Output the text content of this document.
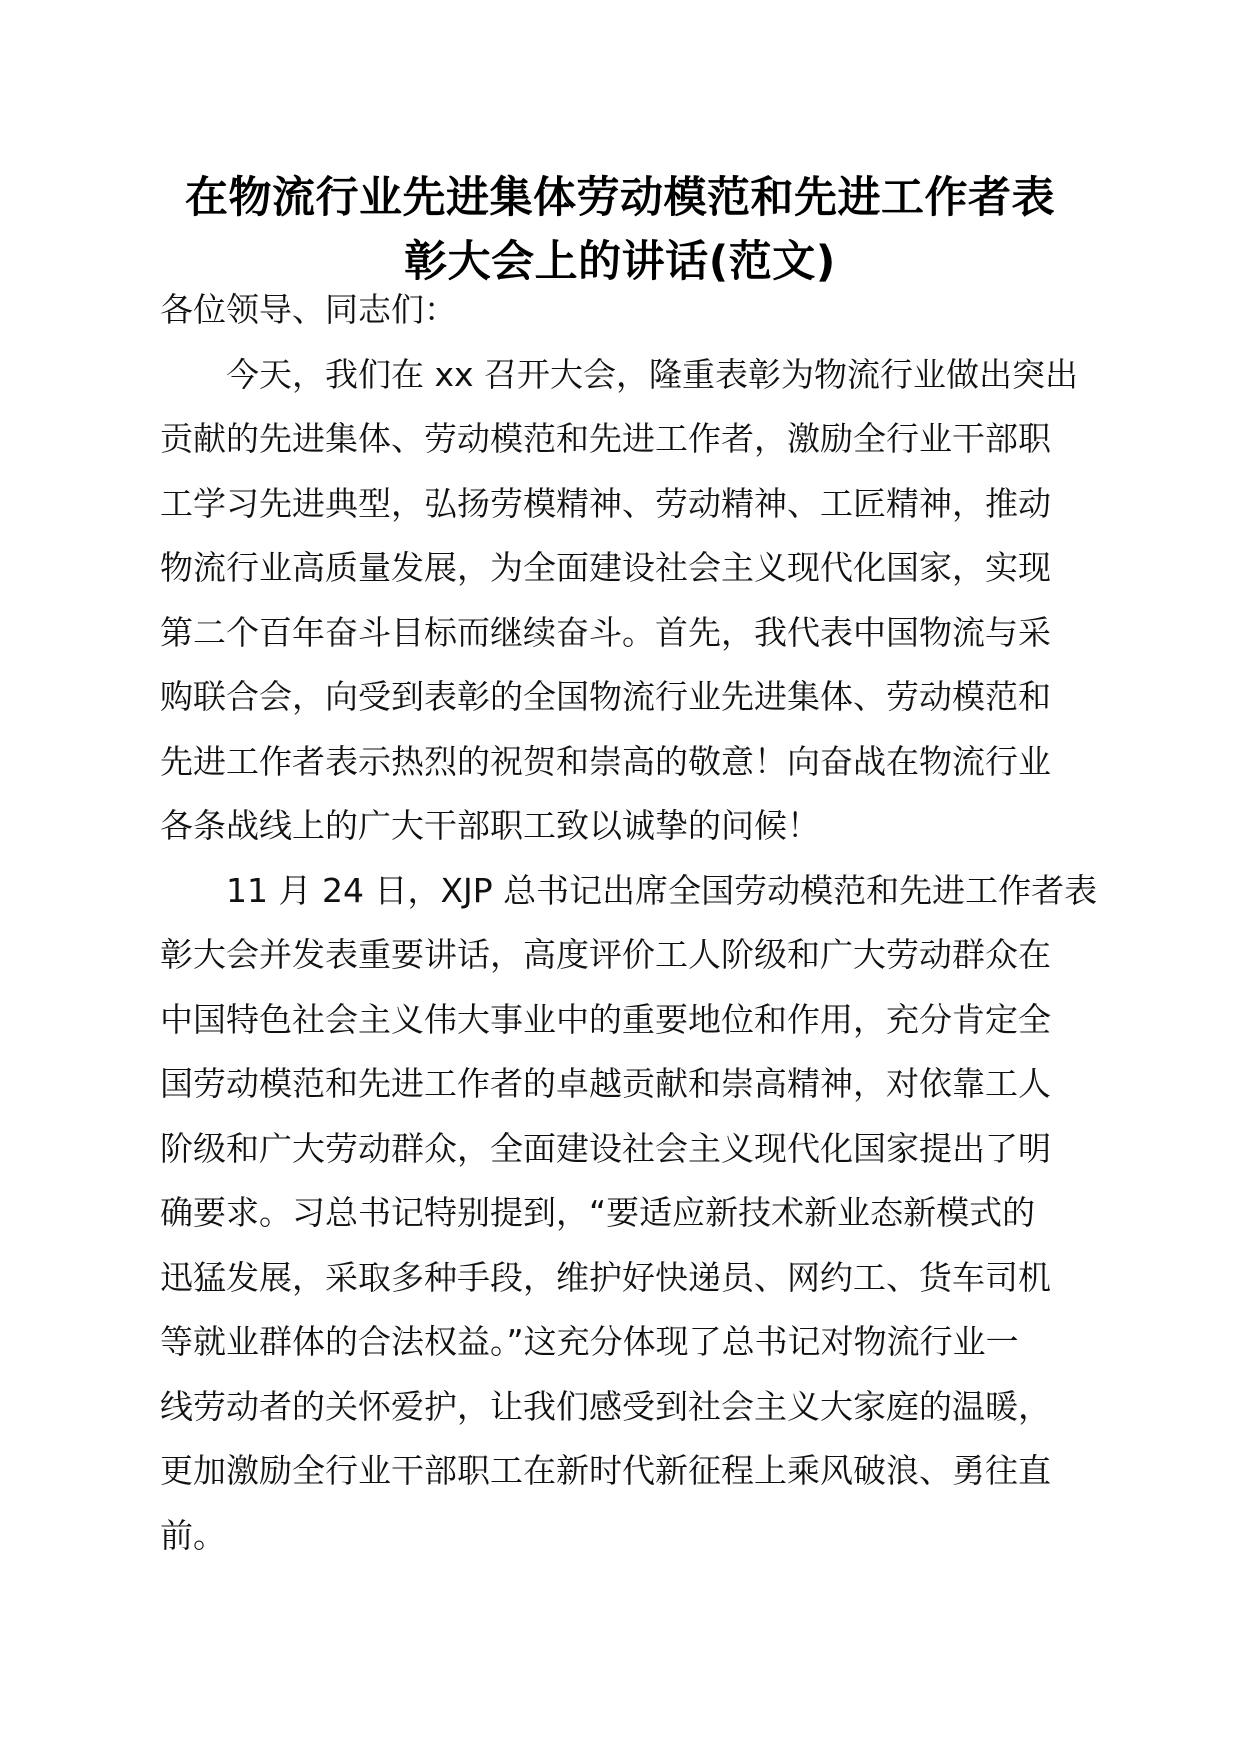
在物流行业先进集体劳动模范和先进工作者表
彰大会上的讲话(范文)
各位领导、同志们：
　　今天，我们在 xx 召开大会，隆重表彰为物流行业做出突出
贡献的先进集体、劳动模范和先进工作者，激励全行业干部职
工学习先进典型，弘扬劳模精神、劳动精神、工匠精神，推动
物流行业高质量发展，为全面建设社会主义现代化国家，实现
第二个百年奋斗目标而继续奋斗。首先，我代表中国物流与采
购联合会，向受到表彰的全国物流行业先进集体、劳动模范和
先进工作者表示热烈的祝贺和崇高的敬意！向奋战在物流行业
各条战线上的广大干部职工致以诚挚的问候！
　　11 月 24 日，XJP 总书记出席全国劳动模范和先进工作者表
彰大会并发表重要讲话，高度评价工人阶级和广大劳动群众在
中国特色社会主义伟大事业中的重要地位和作用，充分肯定全
国劳动模范和先进工作者的卓越贡献和崇高精神，对依靠工人
阶级和广大劳动群众，全面建设社会主义现代化国家提出了明
确要求。习总书记特别提到，“要适应新技术新业态新模式的
迅猛发展，采取多种手段，维护好快递员、网约工、货车司机
等就业群体的合法权益。”这充分体现了总书记对物流行业一
线劳动者的关怀爱护，让我们感受到社会主义大家庭的温暖，
更加激励全行业干部职工在新时代新征程上乘风破浪、勇往直
前。
